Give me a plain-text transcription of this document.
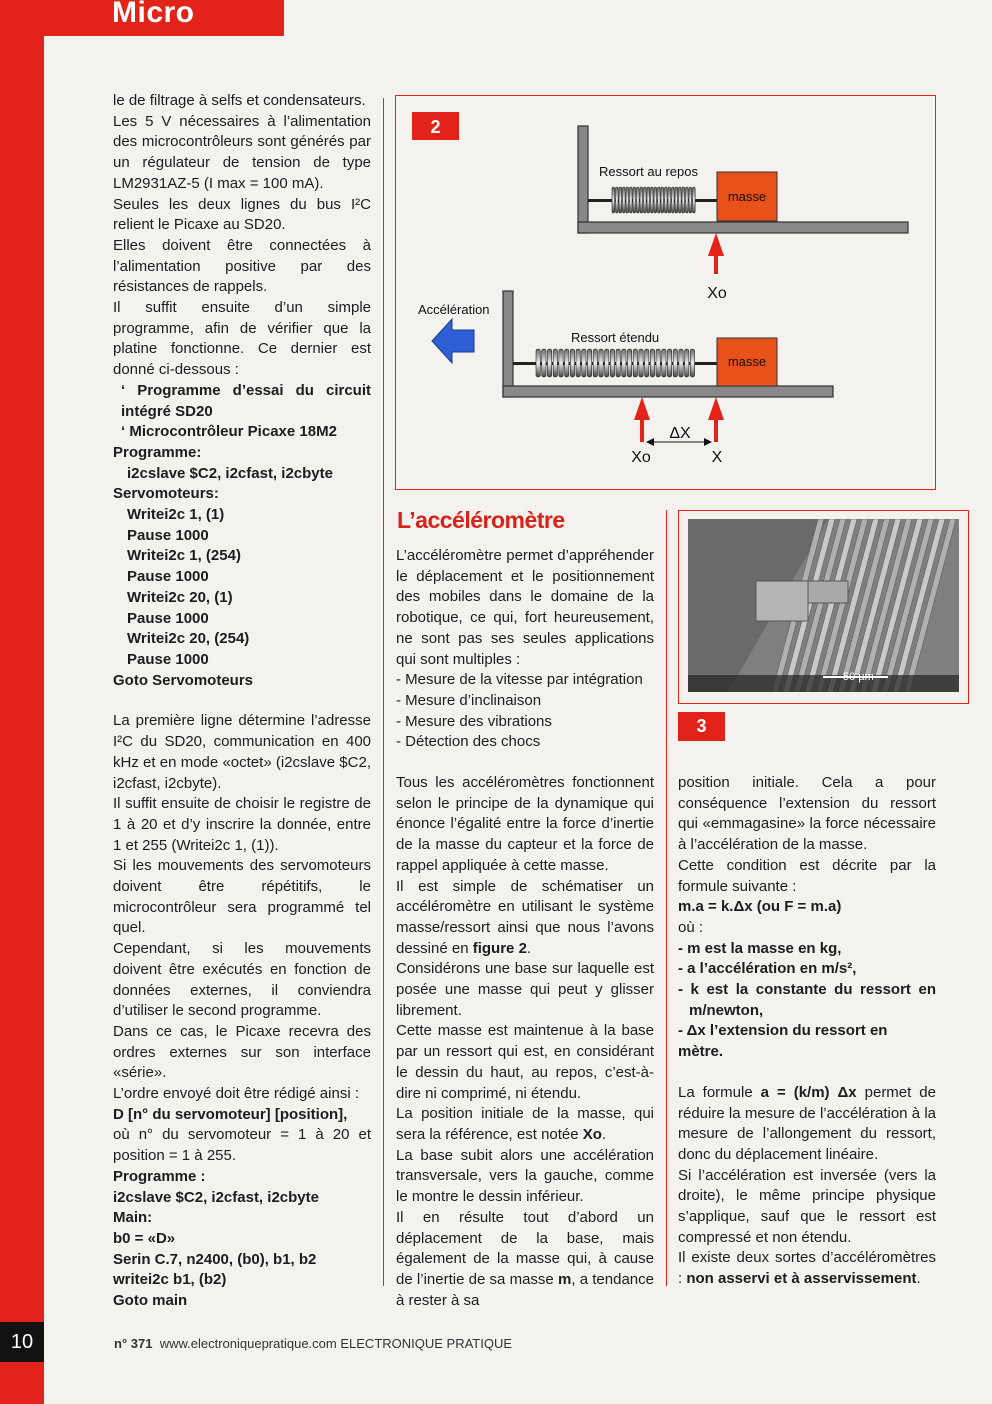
Micro
10	n° 371 www.electroniquepratique.com ELECTRONIQUE PRATIQUE

le de filtrage à selfs et condensateurs.

Les 5 V nécessaires à l’alimentation des microcontrôleurs sont générés par un régulateur de tension de type LM2931AZ-5 (I max = 100 mA).

Seules les deux lignes du bus I²C relient le Picaxe au SD20.

Elles doivent être connectées à l’alimentation positive par des résistances de rappels.

Il suffit ensuite d’un simple programme, afin de vérifier que la platine fonctionne. Ce dernier est donné ci-dessous :

‘ Programme d’essai du circuit intégré SD20

‘ Microcontrôleur Picaxe 18M2

Programme:

i2cslave $C2, i2cfast, i2cbyte

Servomoteurs:

Writei2c 1, (1)

Pause 1000

Writei2c 1, (254)

Pause 1000

Writei2c 20, (1)

Pause 1000

Writei2c 20, (254)

Pause 1000

Goto Servomoteurs

La première ligne détermine l’adresse I²C du SD20, communication en 400 kHz et en mode «octet» (i2cslave $C2, i2cfast, i2cbyte).

Il suffit ensuite de choisir le registre de 1 à 20 et d’y inscrire la donnée, entre 1 et 255 (Writei2c 1, (1)).

Si les mouvements des servomoteurs doivent être répétitifs, le microcontrôleur sera programmé tel quel.

Cependant, si les mouvements doivent être exécutés en fonction de données externes, il conviendra d’utiliser le second programme.

Dans ce cas, le Picaxe recevra des ordres externes sur son interface «série».

L’ordre envoyé doit être rédigé ainsi :

D [n° du servomoteur] [position],

où n° du servomoteur = 1 à 20 et position = 1 à 255.

Programme :

i2cslave $C2, i2cfast, i2cbyte

Main:

b0 = «D»

Serin C.7, n2400, (b0), b1, b2

writei2c b1, (b2)

Goto main

2
Ressort au repos
masse
Xo
Accélération
Ressort étendu
masse
ΔX
Xo	X
L’accéléromètre

L’accéléromètre permet d’appréhender le déplacement et le positionnement des mobiles dans le domaine de la robotique, ce qui, fort heureusement, ne sont pas ses seules applications qui sont multiples :

- Mesure de la vitesse par intégration

- Mesure d’inclinaison

- Mesure des vibrations

- Détection des chocs

Tous les accéléromètres fonctionnent selon le principe de la dynamique qui énonce l’égalité entre la force d’inertie de la masse du capteur et la force de rappel appliquée à cette masse.

Il est simple de schématiser un accéléromètre en utilisant le système masse/ressort ainsi que nous l’avons dessiné en figure 2.

Considérons une base sur laquelle est posée une masse qui peut y glisser librement.

Cette masse est maintenue à la base par un ressort qui est, en considérant le dessin du haut, au repos, c’est-à-dire ni comprimé, ni étendu.

La position initiale de la masse, qui sera la référence, est notée Xo.

La base subit alors une accélération transversale, vers la gauche, comme le montre le dessin inférieur.

Il en résulte tout d’abord un déplacement de la base, mais également de la masse qui, à cause de l’inertie de sa masse m, a tendance à rester à sa

50 µm
3

position initiale. Cela a pour conséquence l’extension du ressort qui «emmagasine» la force nécessaire à l’accélération de la masse.

Cette condition est décrite par la formule suivante :

m.a = k.Δx (ou F = m.a)

où :

- m est la masse en kg,

- a l’accélération en m/s²,

- k est la constante du ressort en m/newton,

- Δx l’extension du ressort en mètre.

La formule a = (k/m) Δx permet de réduire la mesure de l’accélération à la mesure de l’allongement du ressort, donc du déplacement linéaire.

Si l’accélération est inversée (vers la droite), le même principe physique s’applique, sauf que le ressort est compressé et non étendu.

Il existe deux sortes d’accéléromètres : non asservi et à asservissement.
